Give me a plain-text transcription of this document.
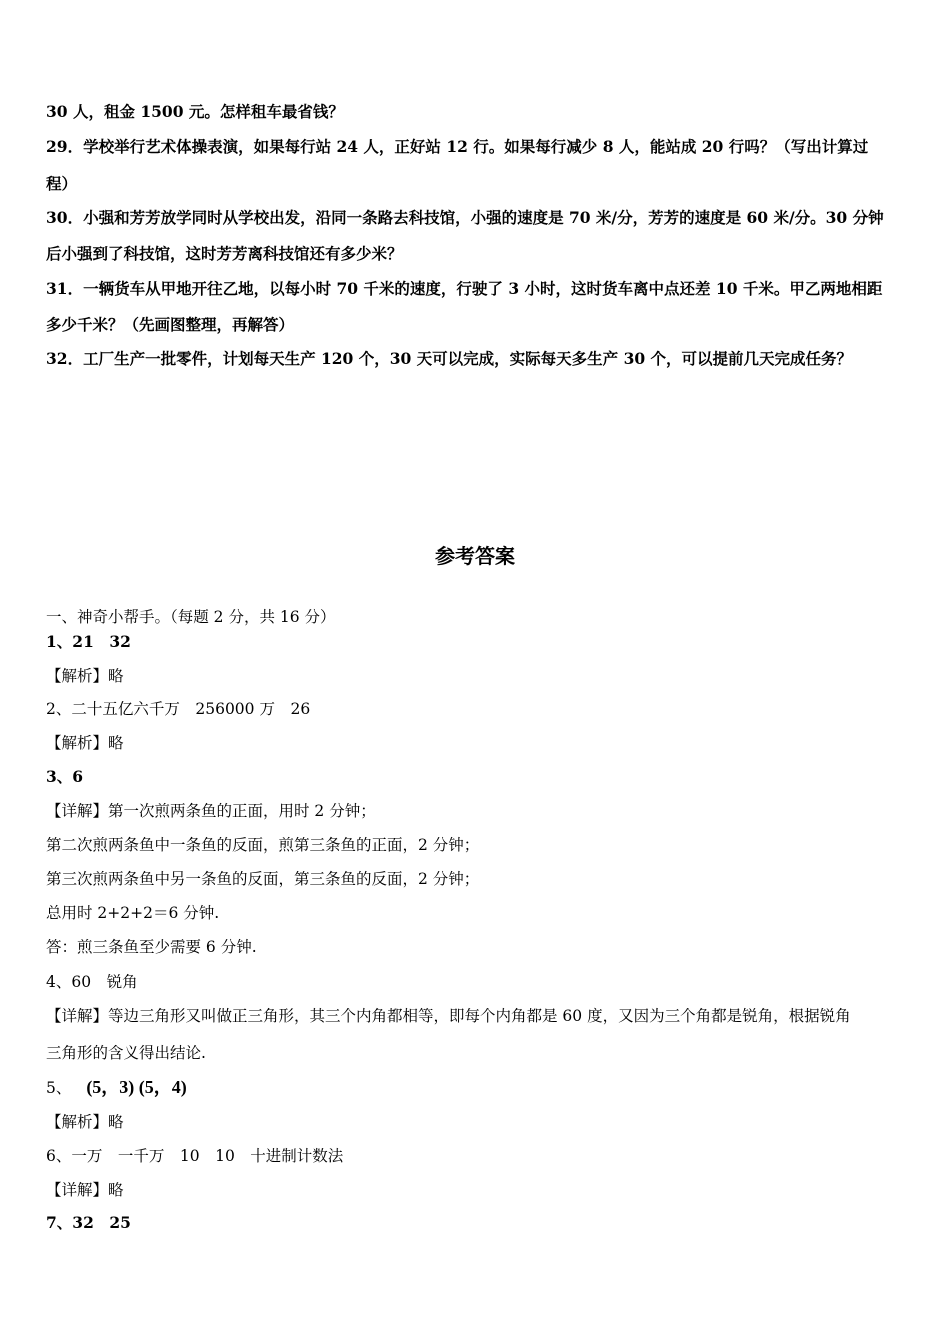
30 人，租金 1500 元。怎样租车最省钱？
29．学校举行艺术体操表演，如果每行站 24 人，正好站 12 行。如果每行减少 8 人，能站成 20 行吗？（写出计算过
程）
30．小强和芳芳放学同时从学校出发，沿同一条路去科技馆，小强的速度是 70 米/分，芳芳的速度是 60 米/分。30 分钟
后小强到了科技馆，这时芳芳离科技馆还有多少米？
31．一辆货车从甲地开往乙地，以每小时 70 千米的速度，行驶了 3 小时，这时货车离中点还差 10 千米。甲乙两地相距
多少千米？（先画图整理，再解答）
32．工厂生产一批零件，计划每天生产 120 个，30 天可以完成，实际每天多生产 30 个，可以提前几天完成任务？
参考答案
一、神奇小帮手。（每题 2 分，共 16 分）
1、21　32
【解析】略
2、二十五亿六千万　256000 万　26
【解析】略
3、6
【详解】第一次煎两条鱼的正面，用时 2 分钟；
第二次煎两条鱼中一条鱼的反面，煎第三条鱼的正面，2 分钟；
第三次煎两条鱼中另一条鱼的反面，第三条鱼的反面，2 分钟；
总用时 2+2+2＝6 分钟.
答：煎三条鱼至少需要 6 分钟.
4、60　锐角
【详解】等边三角形又叫做正三角形，其三个内角都相等，即每个内角都是 60 度，又因为三个角都是锐角，根据锐角
三角形的含义得出结论.
5、 (5，3) (5，4)
【解析】略
6、一万　一千万　10　10　十进制计数法
【详解】略
7、32　25
